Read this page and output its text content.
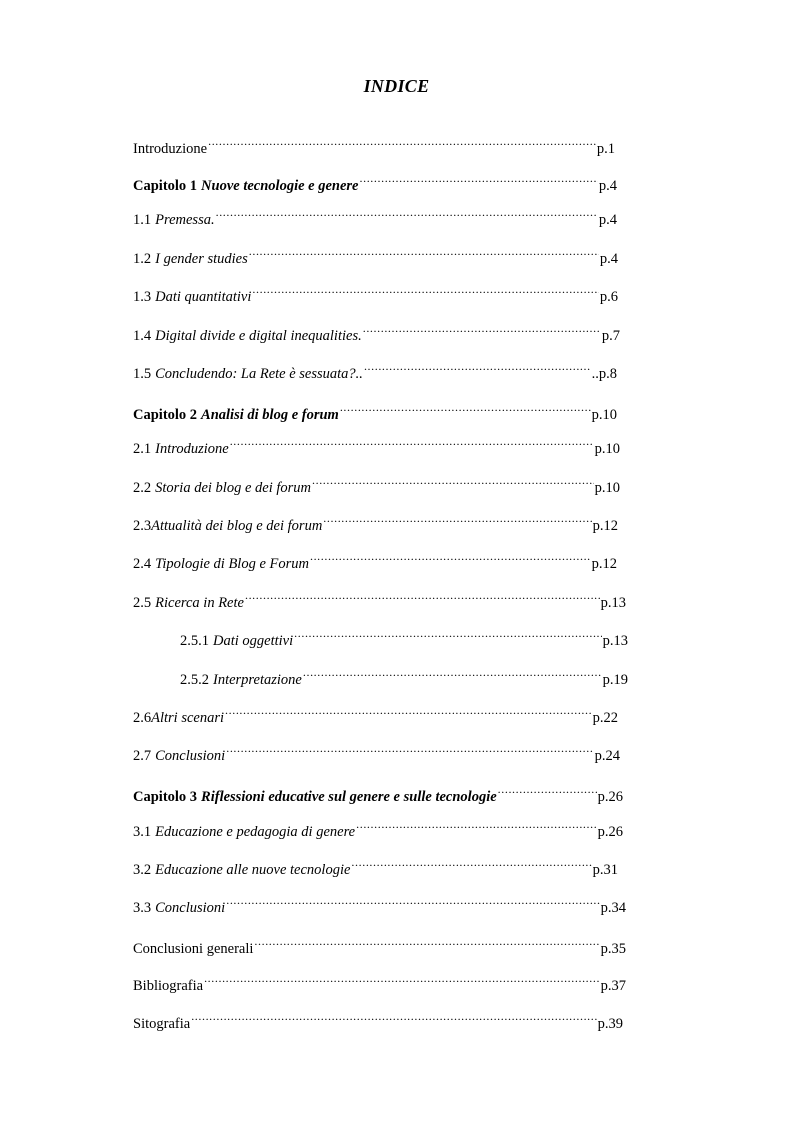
INDICE
Introduzione .....	p.1
Capitolo 1 Nuove tecnologie e genere .....	p.4
1.1 Premessa. .....	p.4
1.2 I gender studies .....	p.4
1.3 Dati quantitativi .....	p.6
1.4 Digital divide e digital inequalities. .....	p.7
1.5 Concludendo: La Rete è sessuata?.. .....	..p.8
Capitolo 2 Analisi di blog e forum .....	p.10
2.1 Introduzione .....	p.10
2.2 Storia dei blog e dei forum .....	p.10
2.3 Attualità dei blog e dei forum .....	p.12
2.4 Tipologie di Blog e Forum .....	p.12
2.5 Ricerca in Rete .....	p.13
2.5.1 Dati oggettivi .....	p.13
2.5.2 Interpretazione .....	p.19
2.6 Altri scenari .....	p.22
2.7 Conclusioni .....	p.24
Capitolo 3 Riflessioni educative sul genere e sulle tecnologie .....	p.26
3.1 Educazione e pedagogia di genere .....	p.26
3.2 Educazione alle nuove tecnologie .....	p.31
3.3 Conclusioni .....	p.34
Conclusioni generali .....	p.35
Bibliografia .....	p.37
Sitografia .....	p.39
